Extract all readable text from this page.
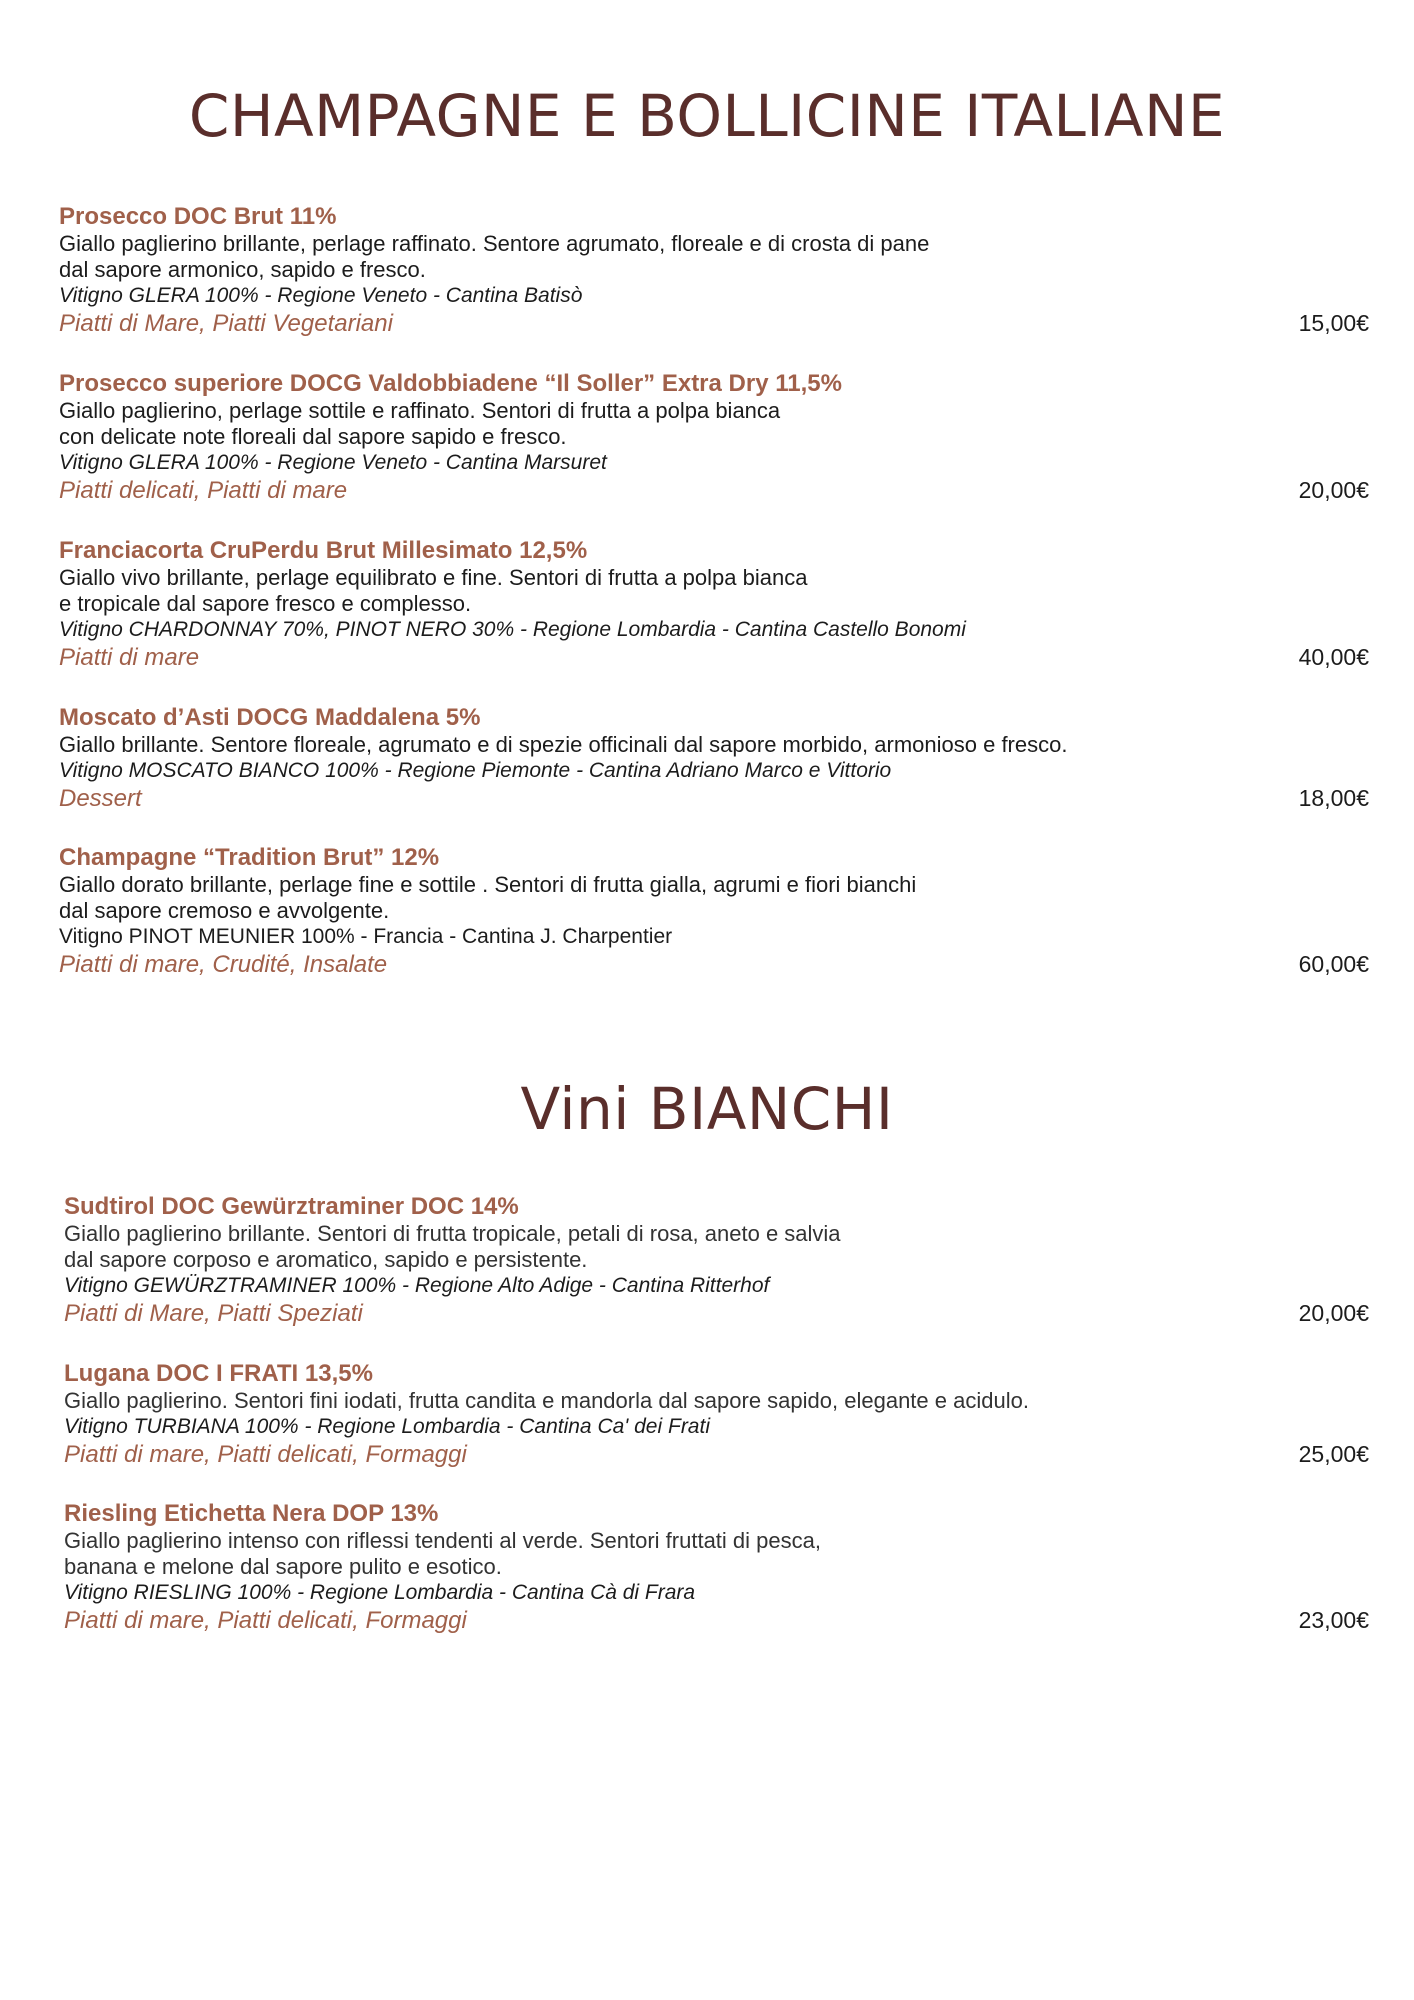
CHAMPAGNE E BOLLICINE ITALIANE

Prosecco DOC Brut 11%

Giallo paglierino brillante, perlage raffinato. Sentore agrumato, floreale e di crosta di pane

dal sapore armonico, sapido e fresco.

Vitigno GLERA 100% - Regione Veneto - Cantina Batisò

Piatti di Mare, Piatti Vegetariani	15,00€

Prosecco superiore DOCG Valdobbiadene “Il Soller” Extra Dry 11,5%

Giallo paglierino, perlage sottile e raffinato. Sentori di frutta a polpa bianca

con delicate note floreali dal sapore sapido e fresco.

Vitigno GLERA 100% - Regione Veneto - Cantina Marsuret

Piatti delicati, Piatti di mare	20,00€

Franciacorta CruPerdu Brut Millesimato 12,5%

Giallo vivo brillante, perlage equilibrato e fine. Sentori di frutta a polpa bianca

e tropicale dal sapore fresco e complesso.

Vitigno CHARDONNAY 70%, PINOT NERO 30% - Regione Lombardia - Cantina Castello Bonomi

Piatti di mare	40,00€

Moscato d’Asti DOCG Maddalena 5%

Giallo brillante. Sentore floreale, agrumato e di spezie officinali dal sapore morbido, armonioso e fresco.

Vitigno MOSCATO BIANCO 100% - Regione Piemonte - Cantina Adriano Marco e Vittorio

Dessert	18,00€

Champagne “Tradition Brut” 12%

Giallo dorato brillante, perlage fine e sottile . Sentori di frutta gialla, agrumi e fiori bianchi

dal sapore cremoso e avvolgente.

Vitigno PINOT MEUNIER 100% - Francia - Cantina J. Charpentier

Piatti di mare, Crudité, Insalate	60,00€
Vini BIANCHI

Sudtirol DOC Gewürztraminer DOC 14%

Giallo paglierino brillante. Sentori di frutta tropicale, petali di rosa, aneto e salvia

dal sapore corposo e aromatico, sapido e persistente.

Vitigno GEWÜRZTRAMINER 100% - Regione Alto Adige - Cantina Ritterhof

Piatti di Mare, Piatti Speziati	20,00€

Lugana DOC I FRATI 13,5%

Giallo paglierino. Sentori fini iodati, frutta candita e mandorla dal sapore sapido, elegante e acidulo.

Vitigno TURBIANA 100% - Regione Lombardia - Cantina Ca' dei Frati

Piatti di mare, Piatti delicati, Formaggi	25,00€

Riesling Etichetta Nera DOP 13%

Giallo paglierino intenso con riflessi tendenti al verde. Sentori fruttati di pesca,

banana e melone dal sapore pulito e esotico.

Vitigno RIESLING 100% - Regione Lombardia - Cantina Cà di Frara

Piatti di mare, Piatti delicati, Formaggi	23,00€
